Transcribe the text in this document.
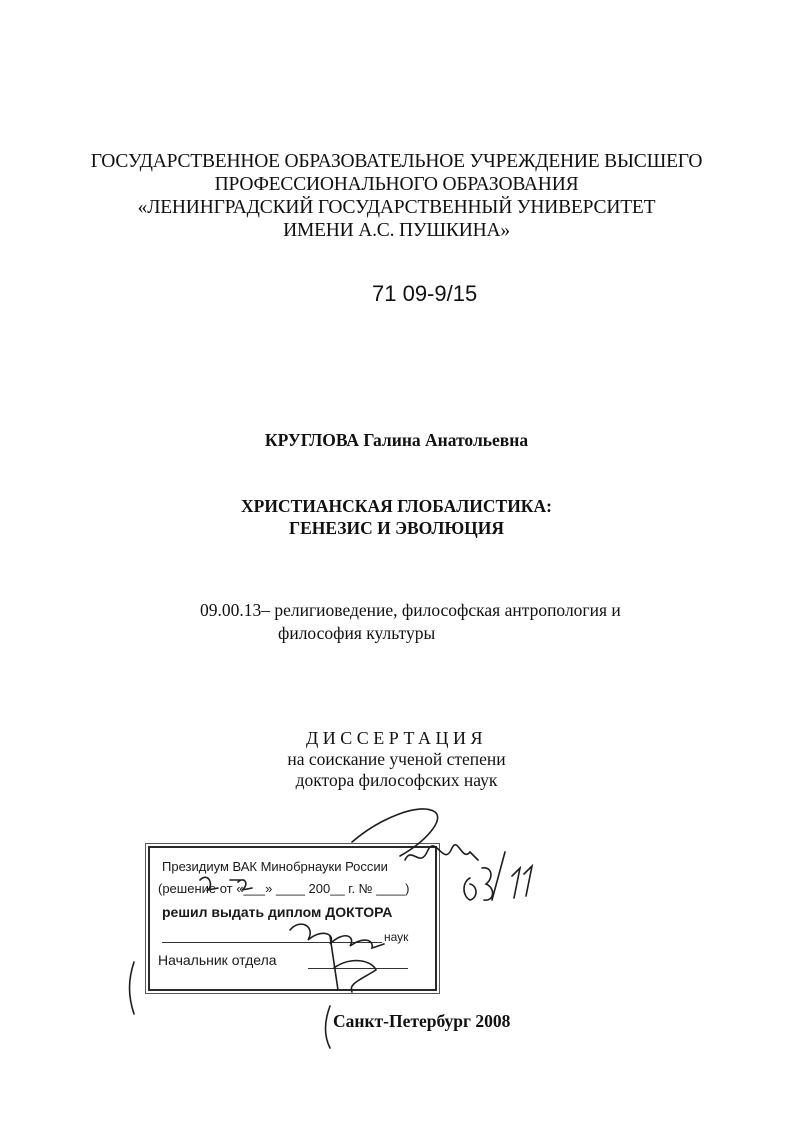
ГОСУДАРСТВЕННОЕ ОБРАЗОВАТЕЛЬНОЕ УЧРЕЖДЕНИЕ ВЫСШЕГО
ПРОФЕССИОНАЛЬНОГО ОБРАЗОВАНИЯ
«ЛЕНИНГРАДСКИЙ ГОСУДАРСТВЕННЫЙ УНИВЕРСИТЕТ
ИМЕНИ А.С. ПУШКИНА»
71 09-9/15
КРУГЛОВА Галина Анатольевна
ХРИСТИАНСКАЯ ГЛОБАЛИСТИКА:
ГЕНЕЗИС И ЭВОЛЮЦИЯ
09.00.13– религиоведение, философская антропология и
философия культуры
ДИССЕРТАЦИЯ
на соискание ученой степени
доктора философских наук
Президиум ВАК Минобрнауки России
(решение от «___» ____ 200__ г. № ____)
решил выдать диплом ДОКТОРА
наук
Начальник отдела
Санкт-Петербург 2008
